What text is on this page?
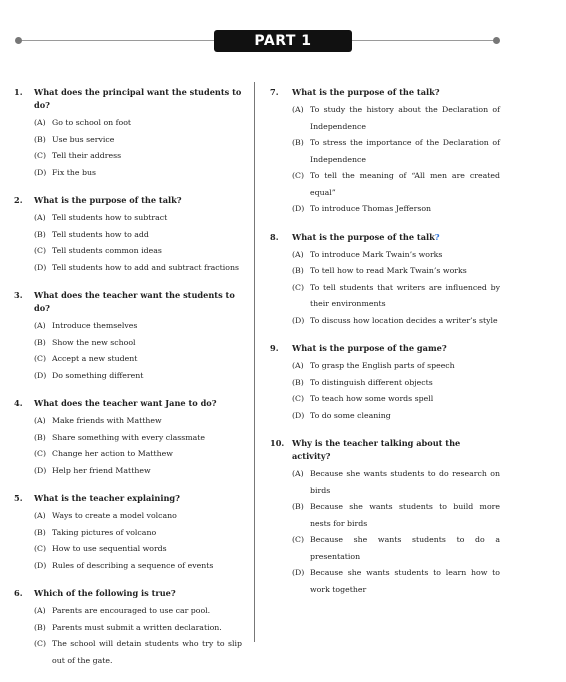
PART 1
1.	What does the principal want the students to do?
(A) Go to school on foot
(B) Use bus service
(C) Tell their address
(D) Fix the bus
2.	What is the purpose of the talk?
(A) Tell students how to subtract
(B) Tell students how to add
(C) Tell students common ideas
(D) Tell students how to add and subtract fractions
3.	What does the teacher want the students to do?
(A) Introduce themselves
(B) Show the new school
(C) Accept a new student
(D) Do something different
4.	What does the teacher want Jane to do?
(A) Make friends with Matthew
(B) Share something with every classmate
(C) Change her action to Matthew
(D) Help her friend Matthew
5.	What is the teacher explaining?
(A) Ways to create a model volcano
(B) Taking pictures of volcano
(C) How to use sequential words
(D) Rules of describing a sequence of events
6.	Which of the following is true?
(A) Parents are encouraged to use car pool.
(B) Parents must submit a written declaration.
(C) The school will detain students who try to slip out of the gate.
7.	What is the purpose of the talk?
(A) To study the history about the Declaration of Independence
(B) To stress the importance of the Declaration of Independence
(C) To tell the meaning of “All men are created equal”
(D) To introduce Thomas Jefferson
8.	What is the purpose of the talk?
(A) To introduce Mark Twain’s works
(B) To tell how to read Mark Twain’s works
(C) To tell students that writers are influenced by their environments
(D) To discuss how location decides a writer’s style
9.	What is the purpose of the game?
(A) To grasp the English parts of speech
(B) To distinguish different objects
(C) To teach how some words spell
(D) To do some cleaning
10. Why is the teacher talking about the activity?
(A) Because she wants students to do research on birds
(B) Because she wants students to build more nests for birds
(C) Because she wants students to do a presentation
(D) Because she wants students to learn how to work together
